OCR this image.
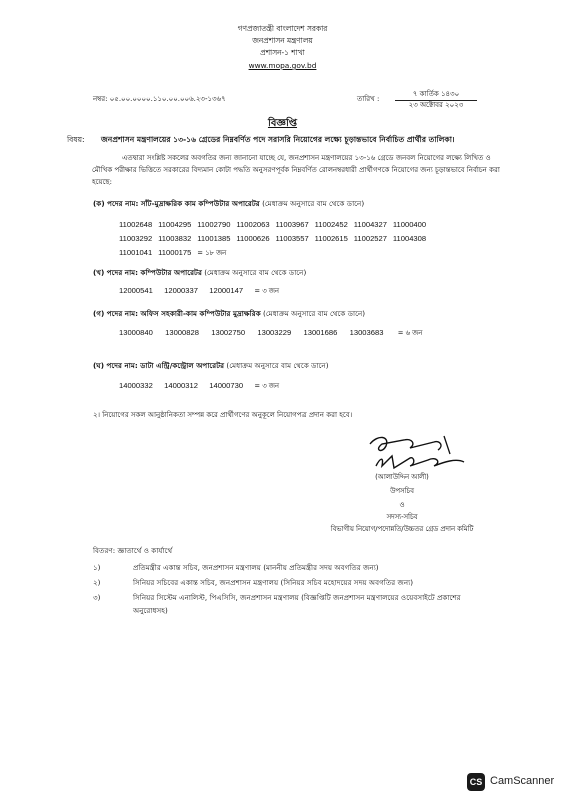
গণপ্রজাতন্ত্রী বাংলাদেশ সরকার
জনপ্রশাসন মন্ত্রণালয়
প্রশাসন-১ শাখা
www.mopa.gov.bd
নম্বর: ০৫.০০.০০০০.১১০.০০.০০৬.২৩-১৩৬৭	তারিখ :
৭ কার্তিক ১৪৩০
২৩ অক্টোবর ২০২৩
বিজ্ঞপ্তি
বিষয়: জনপ্রশাসন মন্ত্রণালয়ের ১৩-১৬ গ্রেডের নিম্নবর্ণিত পদে সরাসরি নিয়োগের লক্ষ্যে চূড়ান্তভাবে নির্বাচিত প্রার্থীর তালিকা।
এতদ্বারা সংশ্লিষ্ট সকলের অবগতির জন্য জানানো যাচ্ছে যে, জনপ্রশাসন মন্ত্রণালয়ের ১৩-১৬ গ্রেডে জনবল নিয়োগের লক্ষ্যে লিখিত ও মৌখিক পরীক্ষার ভিত্তিতে সরকারের বিদ্যমান কোটা পদ্ধতি অনুসরণপূর্বক নিম্নবর্ণিত রোলনম্বরধারী প্রার্থীগণকে নিয়োগের জন্য চূড়ান্তভাবে নির্বাচন করা হয়েছে:
(ক) পদের নাম: সাঁট-মুদ্রাক্ষরিক কাম কম্পিউটার অপারেটর (মেধাক্রম অনুসারে বাম থেকে ডানে)
11002648 11004295 11002790 11002063 11003967 11002452 11004327 11000400
11003292 11003832 11001385 11000626 11003557 11002615 11002527 11004308
11001041 11000175 = ১৮ জন
(খ) পদের নাম: কম্পিউটার অপারেটর (মেধাক্রম অনুসারে বাম থেকে ডানে)
12000541 12000337 12000147 = ৩ জন
(গ) পদের নাম: অফিস সহকারী-কাম কম্পিউটার মুদ্রাক্ষরিক (মেধাক্রম অনুসারে বাম থেকে ডানে)
13000840 13000828 13002750 13003229 13001686 13003683 = ৬ জন
(ঘ) পদের নাম: ডাটা এন্ট্রি/কন্ট্রোল অপারেটর (মেধাক্রম অনুসারে বাম থেকে ডানে)
14000332 14000312 14000730 = ৩ জন
২। নিয়োগের সকল আনুষ্ঠানিকতা সম্পন্ন করে প্রার্থীগণের অনুকূলে নিয়োগপত্র প্রদান করা হবে।
(আলাউদ্দিন আলী)
উপসচিব
ও
সদস্য-সচিব
বিভাগীয় নিয়োগ/পদোন্নতি/উচ্চতর গ্রেড প্রদান কমিটি
বিতরণ: জ্ঞাতার্থে ও কার্যার্থে
১)	প্রতিমন্ত্রীর একান্ত সচিব, জনপ্রশাসন মন্ত্রণালয় (মাননীয় প্রতিমন্ত্রীর সদয় অবগতির জন্য)
২)	সিনিয়র সচিবের একান্ত সচিব, জনপ্রশাসন মন্ত্রণালয় (সিনিয়র সচিব মহোদয়ের সদয় অবগতির জন্য)
৩)	সিনিয়র সিস্টেম এনালিস্ট, পিএসিসি, জনপ্রশাসন মন্ত্রণালয় (বিজ্ঞপ্তিটি জনপ্রশাসন মন্ত্রণালয়ের ওয়েবসাইটে প্রকাশের
অনুরোধসহ)
CS CamScanner
